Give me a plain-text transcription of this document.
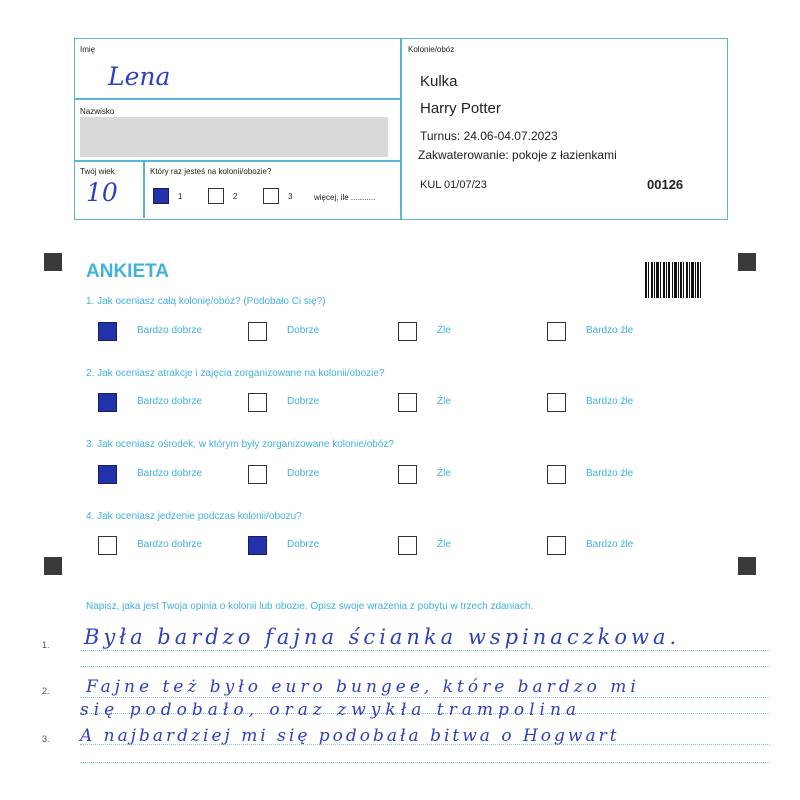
Imię
Lena
Nazwisko
Twój wiek
10
Który raz jesteś na kolonii/obozie?
1	2	3	więcej, ile ...........
Kolonie/obóz
Kulka
Harry Potter
Turnus: 24.06-04.07.2023
Zakwaterowanie: pokoje z łazienkami
KUL 01/07/23	00126
ANKIETA
1. Jak oceniasz całą kolonię/obóz? (Podobało Ci się?)
Bardzo dobrze	Dobrze	Źle	Bardzo źle
2. Jak oceniasz atrakcje i zajęcia zorganizowane na kolonii/obozie?
Bardzo dobrze	Dobrze	Źle	Bardzo źle
3. Jak oceniasz ośrodek, w którym były zorganizowane kolonie/obóz?
Bardzo dobrze	Dobrze	Źle	Bardzo źle
4. Jak oceniasz jedzenie podczas kolonii/obozu?
Bardzo dobrze	Dobrze	Źle	Bardzo źle
Napisz, jaka jest Twoja opinia o kolonii lub obozie. Opisz swoje wrażenia z pobytu w trzech zdaniach.
1.
2.
3.
Była bardzo fajna ścianka wspinaczkowa.
Fajne też było euro bungee, które bardzo mi
się podobało, oraz zwykła trampolina
A najbardziej mi się podobała bitwa o Hogwart
